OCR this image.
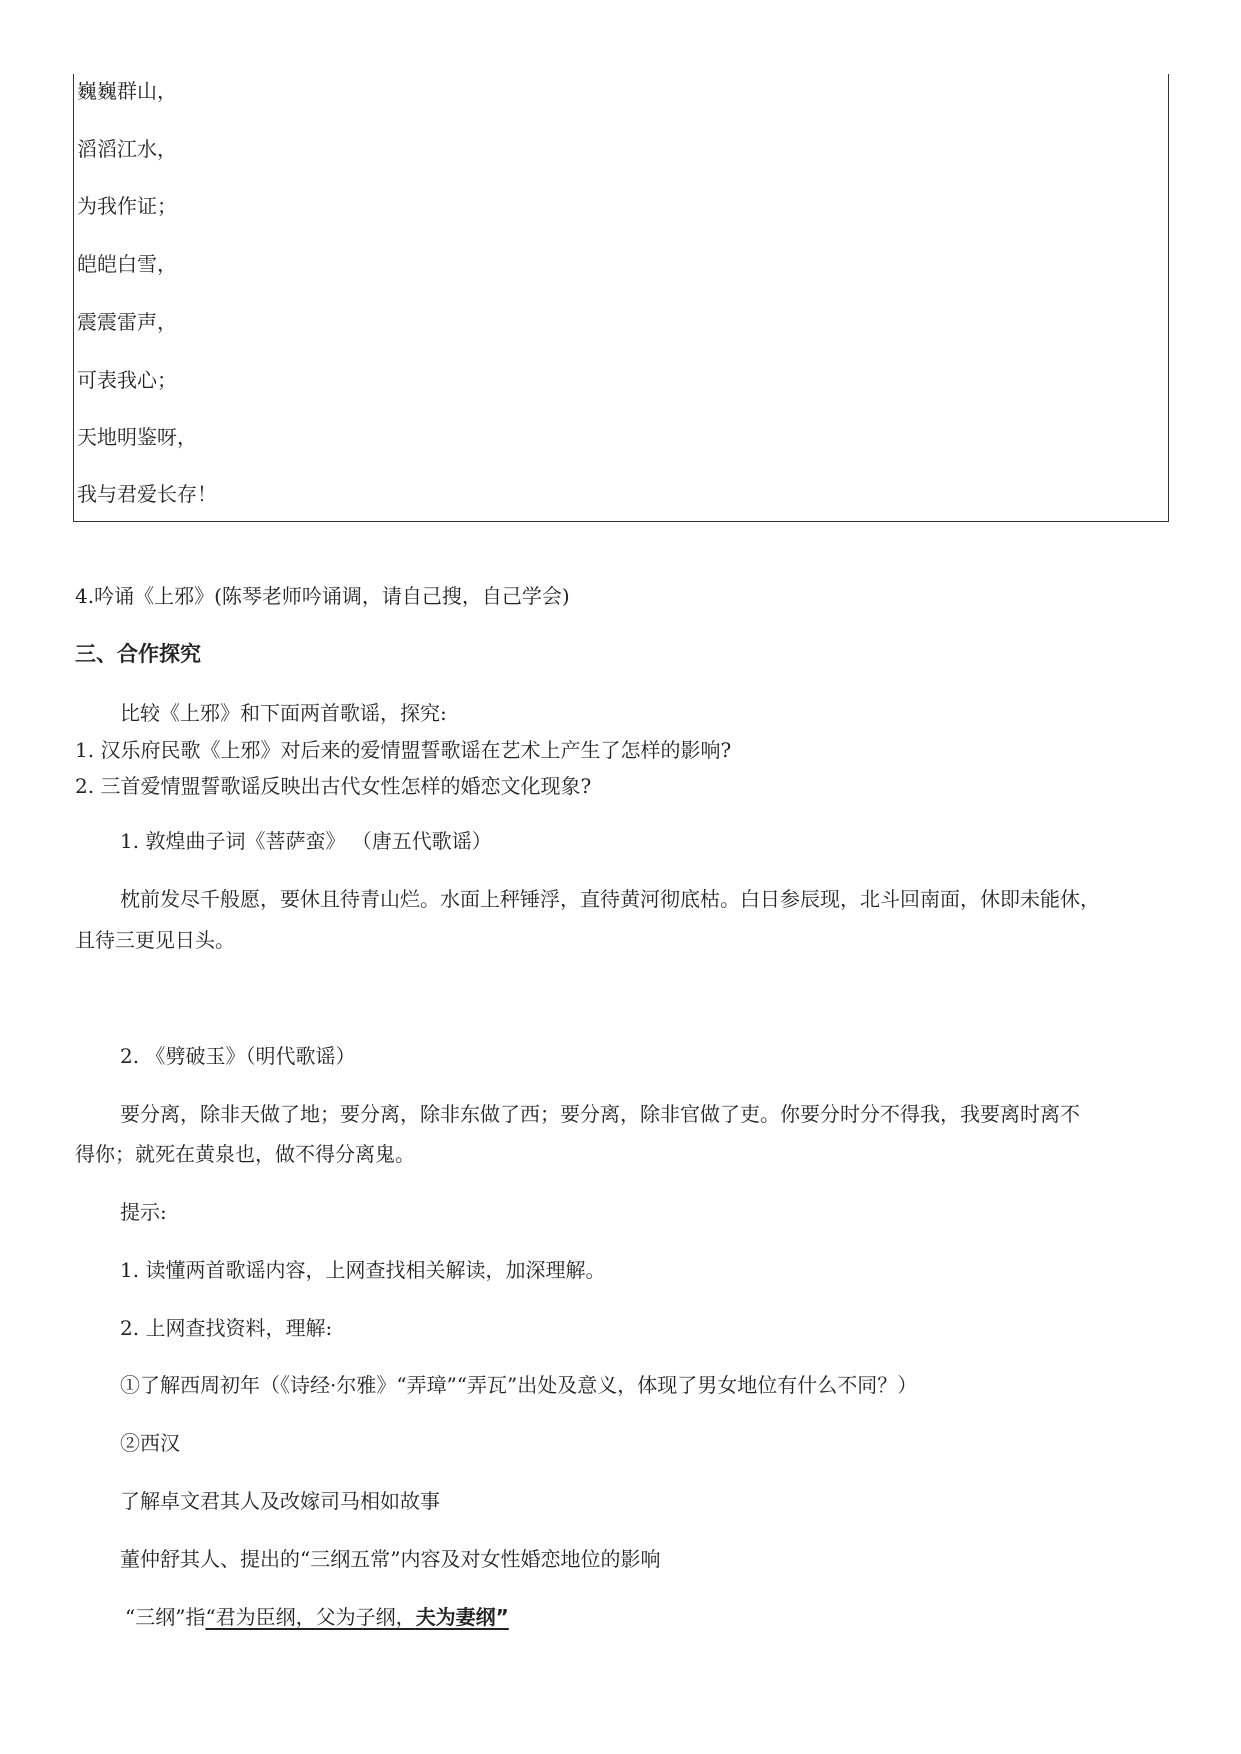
巍巍群山，
滔滔江水，
为我作证；
皑皑白雪，
震震雷声，
可表我心；
天地明鉴呀，
我与君爱长存！
4.吟诵《上邪》(陈琴老师吟诵调，请自己搜，自己学会)
三、合作探究
比较《上邪》和下面两首歌谣，探究:
1. 汉乐府民歌《上邪》对后来的爱情盟誓歌谣在艺术上产生了怎样的影响?
2. 三首爱情盟誓歌谣反映出古代女性怎样的婚恋文化现象?
1. 敦煌曲子词《菩萨蛮》 （唐五代歌谣）
枕前发尽千般愿，要休且待青山烂。水面上秤锤浮，直待黄河彻底枯。白日参辰现，北斗回南面，休即未能休，
且待三更见日头。
2. 《劈破玉》（明代歌谣）
要分离，除非天做了地；要分离，除非东做了西；要分离，除非官做了吏。你要分时分不得我，我要离时离不
得你；就死在黄泉也，做不得分离鬼。
提示:
1. 读懂两首歌谣内容，上网查找相关解读，加深理解。
2. 上网查找资料，理解:
①了解西周初年（《诗经·尔雅》“弄璋”“弄瓦”出处及意义，体现了男女地位有什么不同？）
②西汉
了解卓文君其人及改嫁司马相如故事
董仲舒其人、提出的“三纲五常”内容及对女性婚恋地位的影响
“三纲”指“君为臣纲，父为子纲，夫为妻纲”
